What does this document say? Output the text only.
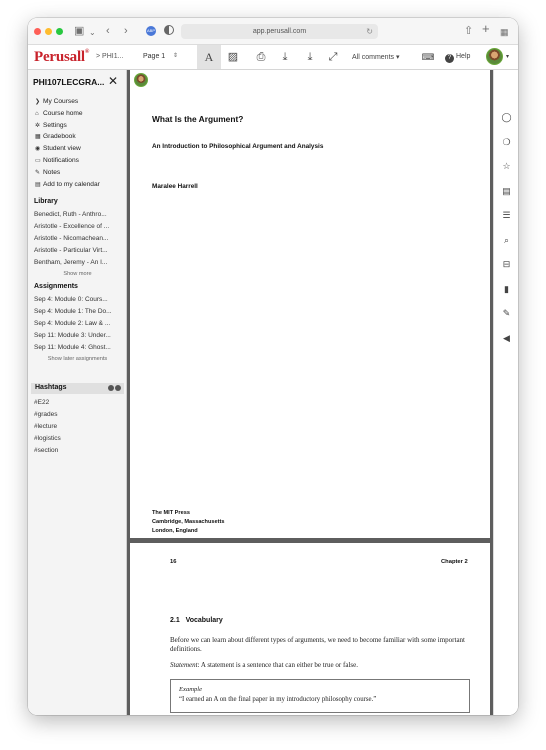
▣ ⌄ ‹ ›	ABP	app.perusall.com	↻	⇧ + ▦
Perusall®
> PHI1...	Page 1 ⇕	A	▨	⎙	⤓	⤓	⤢	All comments ▾	⌨	? Help	▾
PHI107LECGRA... ✕
❯ My Courses
⌂ Course home
✲ Settings
▦ Gradebook
◉ Student view
▭ Notifications
✎ Notes
▤ Add to my calendar
Library
Benedict, Ruth - Anthro...
Aristotle - Excellence of ...
Aristotle - Nicomachean...
Aristotle - Particular Virt...
Bentham, Jeremy - An I...
Show more
Assignments
Sep 4: Module 0: Cours...
Sep 4: Module 1: The Do...
Sep 4: Module 2: Law & ...
Sep 11: Module 3: Under...
Sep 11: Module 4: Ghost...
Show later assignments
Hashtags
#E22
#grades
#lecture
#logistics
#section
What Is the Argument?
An Introduction to Philosophical Argument and Analysis
Maralee Harrell
The MIT Press
Cambridge, Massachusetts
London, England
16	Chapter 2
2.1   Vocabulary
Before we can learn about different types of arguments, we need to become familiar with some important definitions.
Statement: A statement is a sentence that can either be true or false.
Example
“I earned an A on the final paper in my introductory philosophy course.”
◯
❍
☆
▤
☰
⌕
⊟
▮
✎
◀
